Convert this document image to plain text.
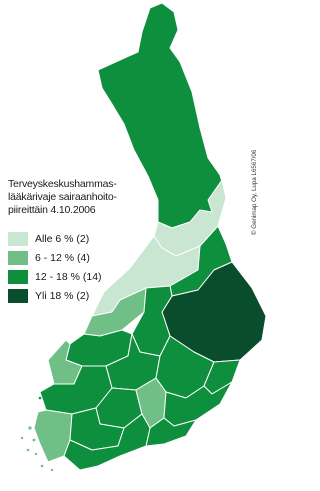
Terveyskeskushammas-
lääkärivaje sairaanhoito-
piireittäin 4.10.2006
Alle 6 % (2)
6 - 12 % (4)
12 - 18 % (14)
Yli 18 % (2)
© Genimap Oy, Lupa L6567/06
